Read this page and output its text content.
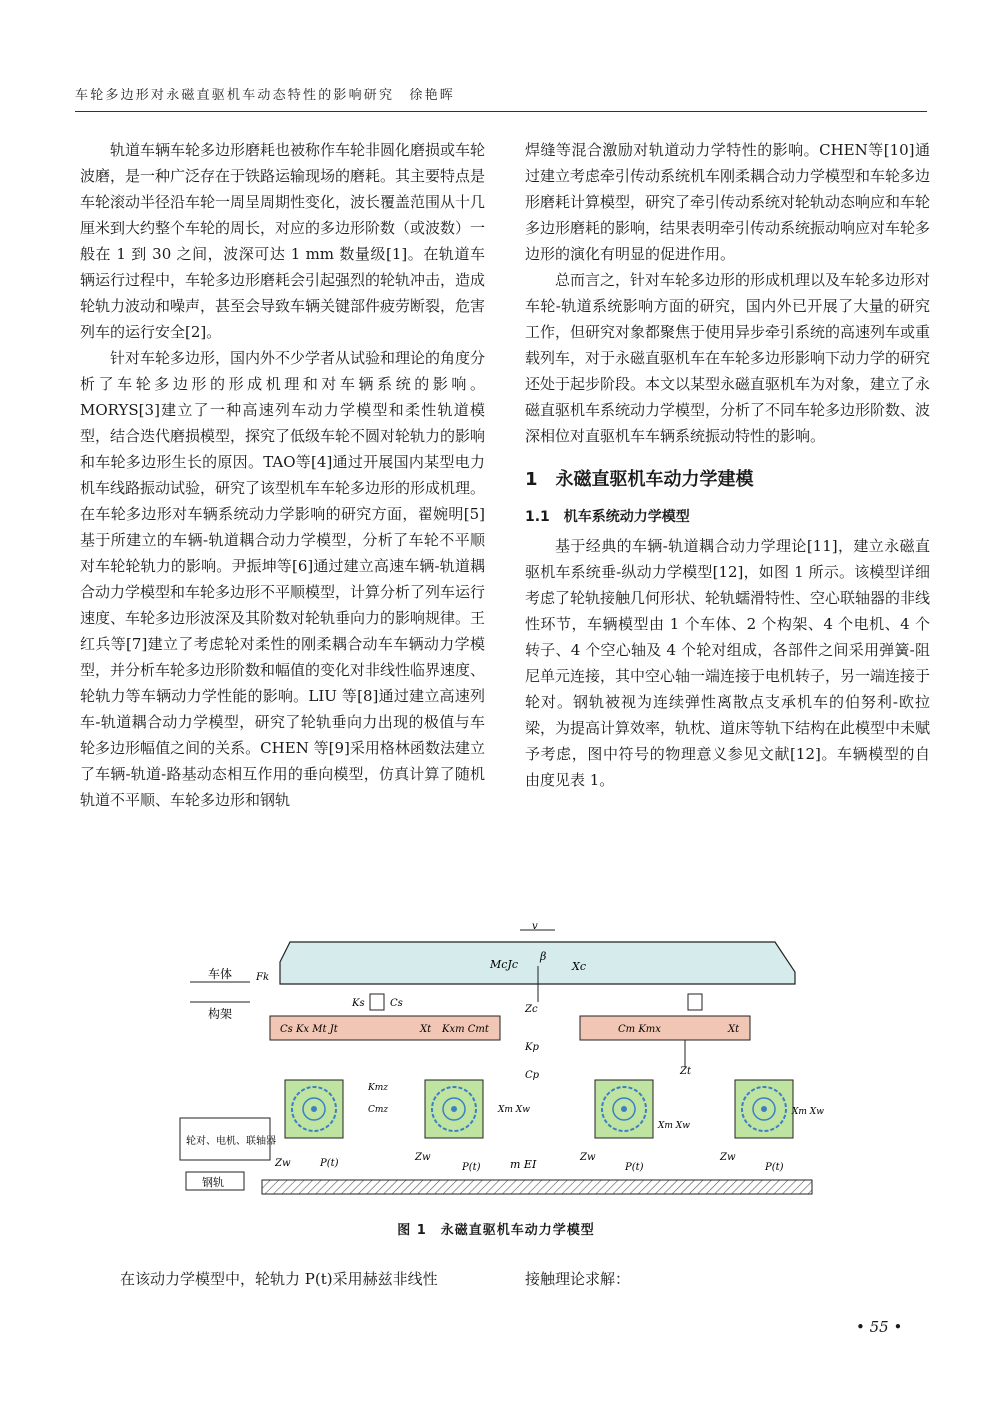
车轮多边形对永磁直驱机车动态特性的影响研究　徐艳晖

轨道车辆车轮多边形磨耗也被称作车轮非圆化磨损或车轮波磨，是一种广泛存在于铁路运输现场的磨耗。其主要特点是车轮滚动半径沿车轮一周呈周期性变化，波长覆盖范围从十几厘米到大约整个车轮的周长，对应的多边形阶数（或波数）一般在 1 到 30 之间，波深可达 1 mm 数量级[1]。在轨道车辆运行过程中，车轮多边形磨耗会引起强烈的轮轨冲击，造成轮轨力波动和噪声，甚至会导致车辆关键部件疲劳断裂，危害列车的运行安全[2]。

针对车轮多边形，国内外不少学者从试验和理论的角度分析了车轮多边形的形成机理和对车辆系统的影响。MORYS[3]建立了一种高速列车动力学模型和柔性轨道模型，结合迭代磨损模型，探究了低级车轮不圆对轮轨力的影响和车轮多边形生长的原因。TAO等[4]通过开展国内某型电力机车线路振动试验，研究了该型机车车轮多边形的形成机理。在车轮多边形对车辆系统动力学影响的研究方面，翟婉明[5]基于所建立的车辆-轨道耦合动力学模型，分析了车轮不平顺对车轮轮轨力的影响。尹振坤等[6]通过建立高速车辆-轨道耦合动力学模型和车轮多边形不平顺模型，计算分析了列车运行速度、车轮多边形波深及其阶数对轮轨垂向力的影响规律。王红兵等[7]建立了考虑轮对柔性的刚柔耦合动车车辆动力学模型，并分析车轮多边形阶数和幅值的变化对非线性临界速度、轮轨力等车辆动力学性能的影响。LIU 等[8]通过建立高速列车-轨道耦合动力学模型，研究了轮轨垂向力出现的极值与车轮多边形幅值之间的关系。CHEN 等[9]采用格林函数法建立了车辆-轨道-路基动态相互作用的垂向模型，仿真计算了随机轨道不平顺、车轮多边形和钢轨

焊缝等混合激励对轨道动力学特性的影响。CHEN等[10]通过建立考虑牵引传动系统机车刚柔耦合动力学模型和车轮多边形磨耗计算模型，研究了牵引传动系统对轮轨动态响应和车轮多边形磨耗的影响，结果表明牵引传动系统振动响应对车轮多边形的演化有明显的促进作用。

总而言之，针对车轮多边形的形成机理以及车轮多边形对车轮-轨道系统影响方面的研究，国内外已开展了大量的研究工作，但研究对象都聚焦于使用异步牵引系统的高速列车或重载列车，对于永磁直驱机车在车轮多边形影响下动力学的研究还处于起步阶段。本文以某型永磁直驱机车为对象，建立了永磁直驱机车系统动力学模型，分析了不同车轮多边形阶数、波深相位对直驱机车车辆系统振动特性的影响。

1　永磁直驱机车动力学建模
1.1　机车系统动力学模型

基于经典的车辆-轨道耦合动力学理论[11]，建立永磁直驱机车系统垂-纵动力学模型[12]，如图 1 所示。该模型详细考虑了轮轨接触几何形状、轮轨蠕滑特性、空心联轴器的非线性环节，车辆模型由 1 个车体、2 个构架、4 个电机、4 个转子、4 个空心轴及 4 个轮对组成，各部件之间采用弹簧-阻尼单元连接，其中空心轴一端连接于电机转子，另一端连接于轮对。钢轨被视为连续弹性离散点支承机车的伯努利-欧拉梁，为提高计算效率，轨枕、道床等轨下结构在此模型中未赋予考虑，图中符号的物理意义参见文献[12]。车辆模型的自由度见表 1。

v
McJc
β
Xc
Zc
车体 Fk
构架
Ks	Cs
Cs Kx Mt Jt	Xt Kxm Cmt	Cm Kmx	Xt
Zt
Kp
Cp
Kmz
Cmz	Xm Xw
Xm Xw
Xm Xw
轮对、电机、联轴器
Zw	P(t)
Zw
P(t)	m EI
Zw
P(t)
Zw
P(t)
钢轨
图 1　永磁直驱机车动力学模型
在该动力学模型中，轮轨力 P(t)采用赫兹非线性	接触理论求解：
• 55 •
